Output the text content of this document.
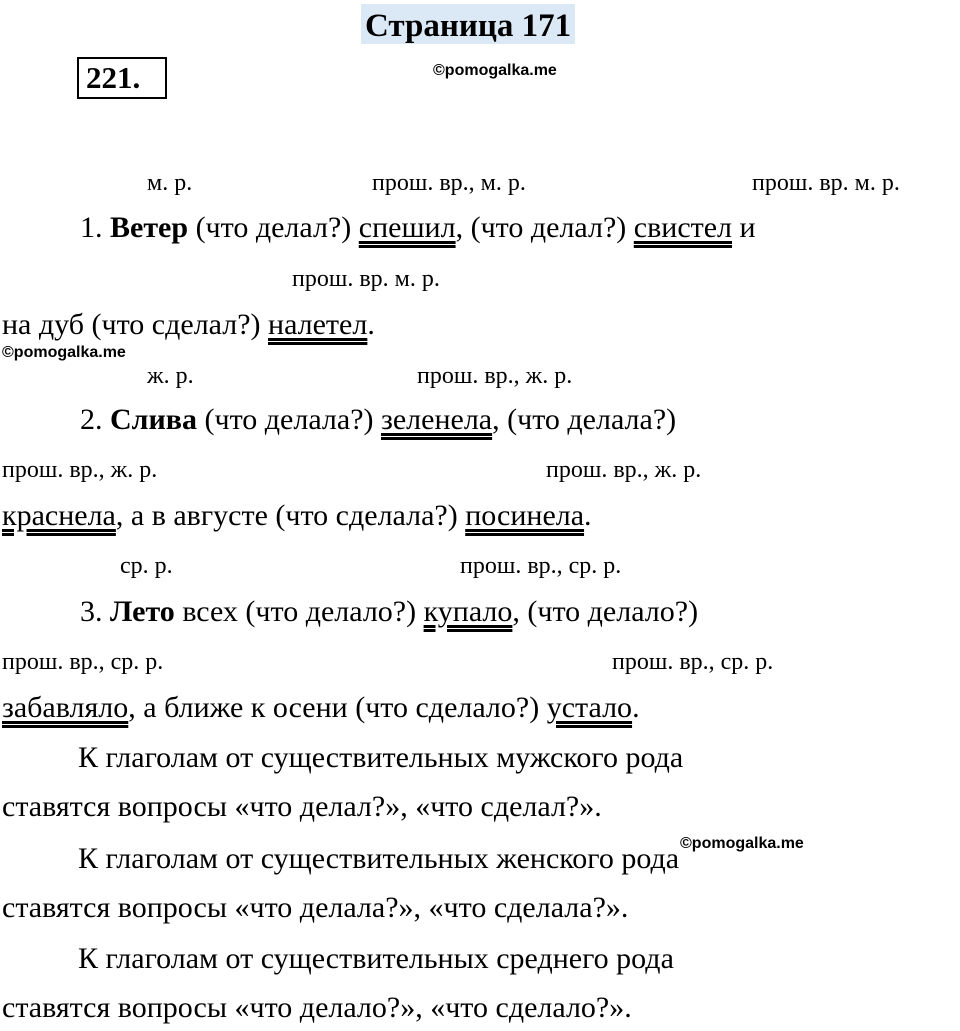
Страница 171
221.	©pomogalka.me
м. р.	прош. вр., м. р.	прош. вр. м. р.
1. Ветер (что делал?) спешил, (что делал?) свистел и
прош. вр. м. р.
на дуб (что сделал?) налетел.
©pomogalka.me
ж. р.	прош. вр., ж. р.
2. Слива (что делала?) зеленела, (что делала?)
прош. вр., ж. р.	прош. вр., ж. р.
краснела, а в августе (что сделала?) посинела.
ср. р.	прош. вр., ср. р.
3. Лето всех (что делало?) купало, (что делало?)
прош. вр., ср. р.	прош. вр., ср. р.
забавляло, а ближе к осени (что сделало?) устало.
К глаголам от существительных мужского рода
ставятся вопросы «что делал?», «что сделал?».
©pomogalka.me
К глаголам от существительных женского рода
ставятся вопросы «что делала?», «что сделала?».
К глаголам от существительных среднего рода
ставятся вопросы «что делало?», «что сделало?».
